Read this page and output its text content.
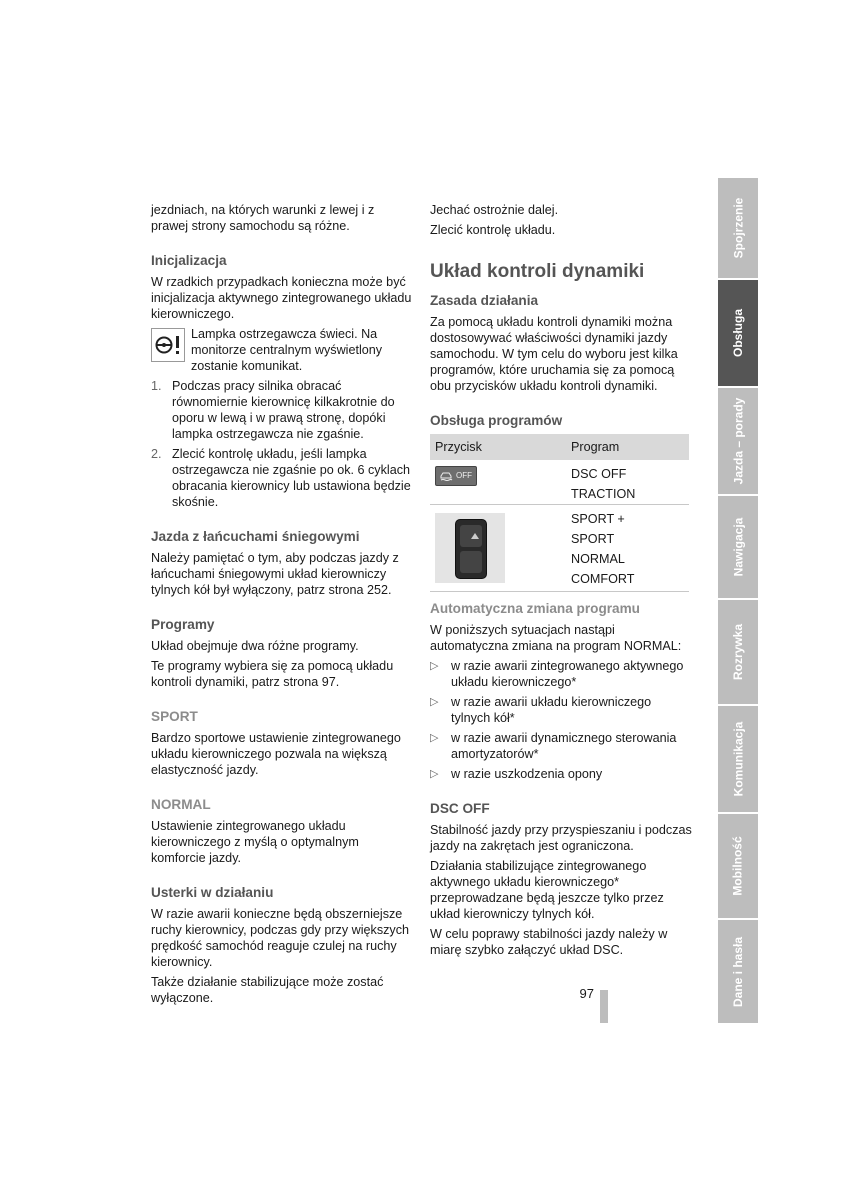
jezdniach, na których warunki z lewej i z prawej strony samochodu są różne.

Inicjalizacja

W rzadkich przypadkach konieczna może być inicjalizacja aktywnego zintegrowanego układu kierowniczego.

Lampka ostrzegawcza świeci. Na monitorze centralnym wyświetlony zostanie komunikat.
1. Podczas pracy silnika obracać równomiernie kierownicę kilkakrotnie do oporu w lewą i w prawą stronę, dopóki lampka ostrzegawcza nie zgaśnie.
2. Zlecić kontrolę układu, jeśli lampka ostrzegawcza nie zgaśnie po ok. 6 cyklach obracania kierownicy lub ustawiona będzie skośnie.
Jazda z łańcuchami śniegowymi

Należy pamiętać o tym, aby podczas jazdy z łańcuchami śniegowymi układ kierowniczy tylnych kół był wyłączony, patrz strona 252.

Programy

Układ obejmuje dwa różne programy.

Te programy wybiera się za pomocą układu kontroli dynamiki, patrz strona 97.

SPORT

Bardzo sportowe ustawienie zintegrowanego układu kierowniczego pozwala na większą elastyczność jazdy.

NORMAL

Ustawienie zintegrowanego układu kierowniczego z myślą o optymalnym komforcie jazdy.

Usterki w działaniu

W razie awarii konieczne będą obszerniejsze ruchy kierownicy, podczas gdy przy większych prędkość samochód reaguje czulej na ruchy kierownicy.

Także działanie stabilizujące może zostać wyłączone.

Jechać ostrożnie dalej.

Zlecić kontrolę układu.

Układ kontroli dynamiki
Zasada działania

Za pomocą układu kontroli dynamiki można dostosowywać właściwości dynamiki jazdy samochodu. W tym celu do wyboru jest kilka programów, które uruchamia się za pomocą obu przycisków układu kontroli dynamiki.

Obsługa programów
Przycisk	Program

OFF	DSC OFF
TRACTION

	SPORT +
SPORT
NORMAL
COMFORT
Automatyczna zmiana programu

W poniższych sytuacjach nastąpi automatyczna zmiana na program NORMAL:

▷ w razie awarii zintegrowanego aktywnego układu kierowniczego*
▷ w razie awarii układu kierowniczego tylnych kół*
▷ w razie awarii dynamicznego sterowania amortyzatorów*
▷ w razie uszkodzenia opony
DSC OFF

Stabilność jazdy przy przyspieszaniu i podczas jazdy na zakrętach jest ograniczona.

Działania stabilizujące zintegrowanego aktywnego układu kierowniczego* przeprowadzane będą jeszcze tylko przez układ kierowniczy tylnych kół.

W celu poprawy stabilności jazdy należy w miarę szybko załączyć układ DSC.

97
Spojrzenie
Obsługa
Jazda – porady
Nawigacja
Rozrywka
Komunikacja
Mobilność
Dane i hasła
